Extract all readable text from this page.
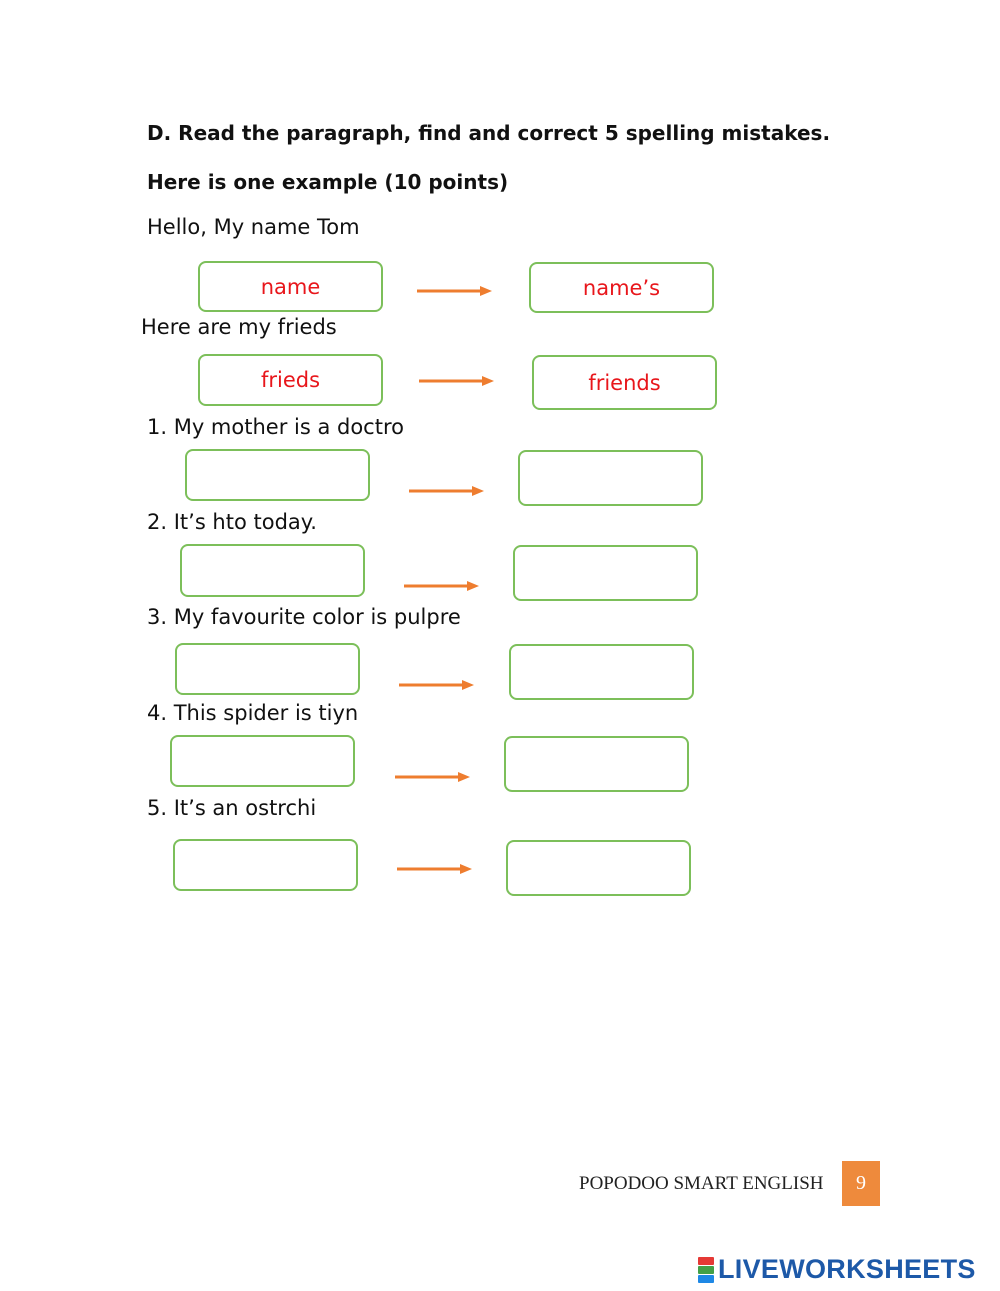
D. Read the paragraph, find and correct 5 spelling mistakes.
Here is one example (10 points)
Hello, My name Tom
name	name’s
Here are my frieds
frieds	friends
1. My mother is a doctro
2. It’s hto today.
3. My favourite color is pulpre
4. This spider is tiyn
5. It’s an ostrchi
POPODOO SMART ENGLISH	9
LIVEWORKSHEETS
